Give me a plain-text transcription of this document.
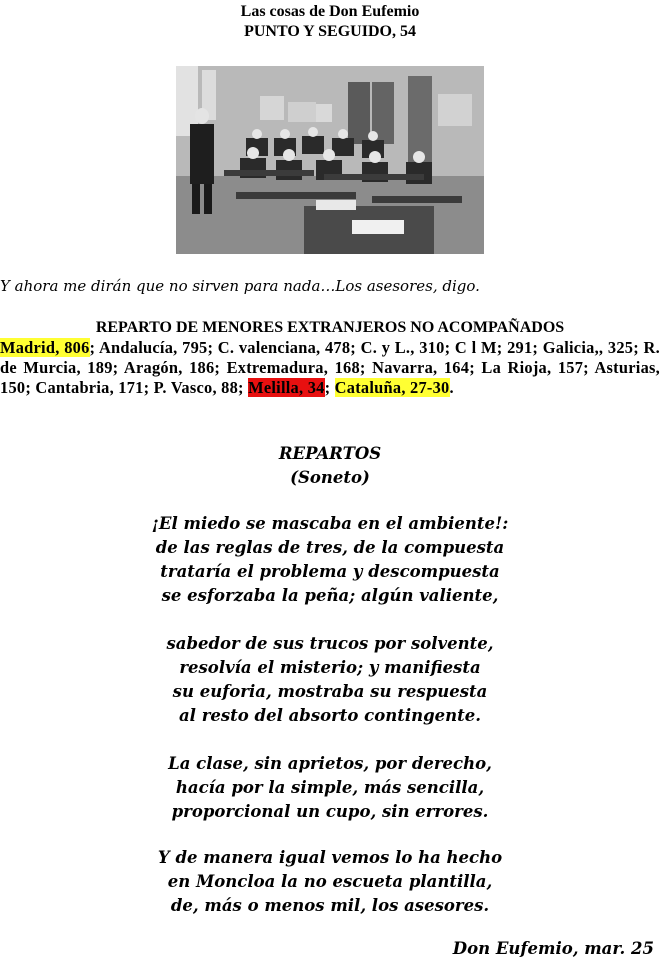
Las cosas de Don Eufemio
PUNTO Y SEGUIDO, 54
Y ahora me dirán que no sirven para nada…Los asesores, digo.
REPARTO DE MENORES EXTRANJEROS NO ACOMPAÑADOS
Madrid, 806; Andalucía, 795; C. valenciana, 478; C. y L., 310; C l M; 291; Galicia,, 325; R. de Murcia, 189; Aragón, 186; Extremadura, 168; Navarra, 164; La Rioja, 157; Asturias, 150; Cantabria, 171; P. Vasco, 88; Melilla, 34; Cataluña, 27-30.
REPARTOS
(Soneto)
¡El miedo se mascaba en el ambiente!:
de las reglas de tres, de la compuesta
trataría el problema y descompuesta
se esforzaba la peña; algún valiente,
sabedor de sus trucos por solvente,
resolvía el misterio; y manifiesta
su euforia, mostraba su respuesta
al resto del absorto contingente.
La clase, sin aprietos, por derecho,
hacía por la simple, más sencilla,
proporcional un cupo, sin errores.
Y de manera igual vemos lo ha hecho
en Moncloa la no escueta plantilla,
de, más o menos mil, los asesores.
Don Eufemio, mar. 25
